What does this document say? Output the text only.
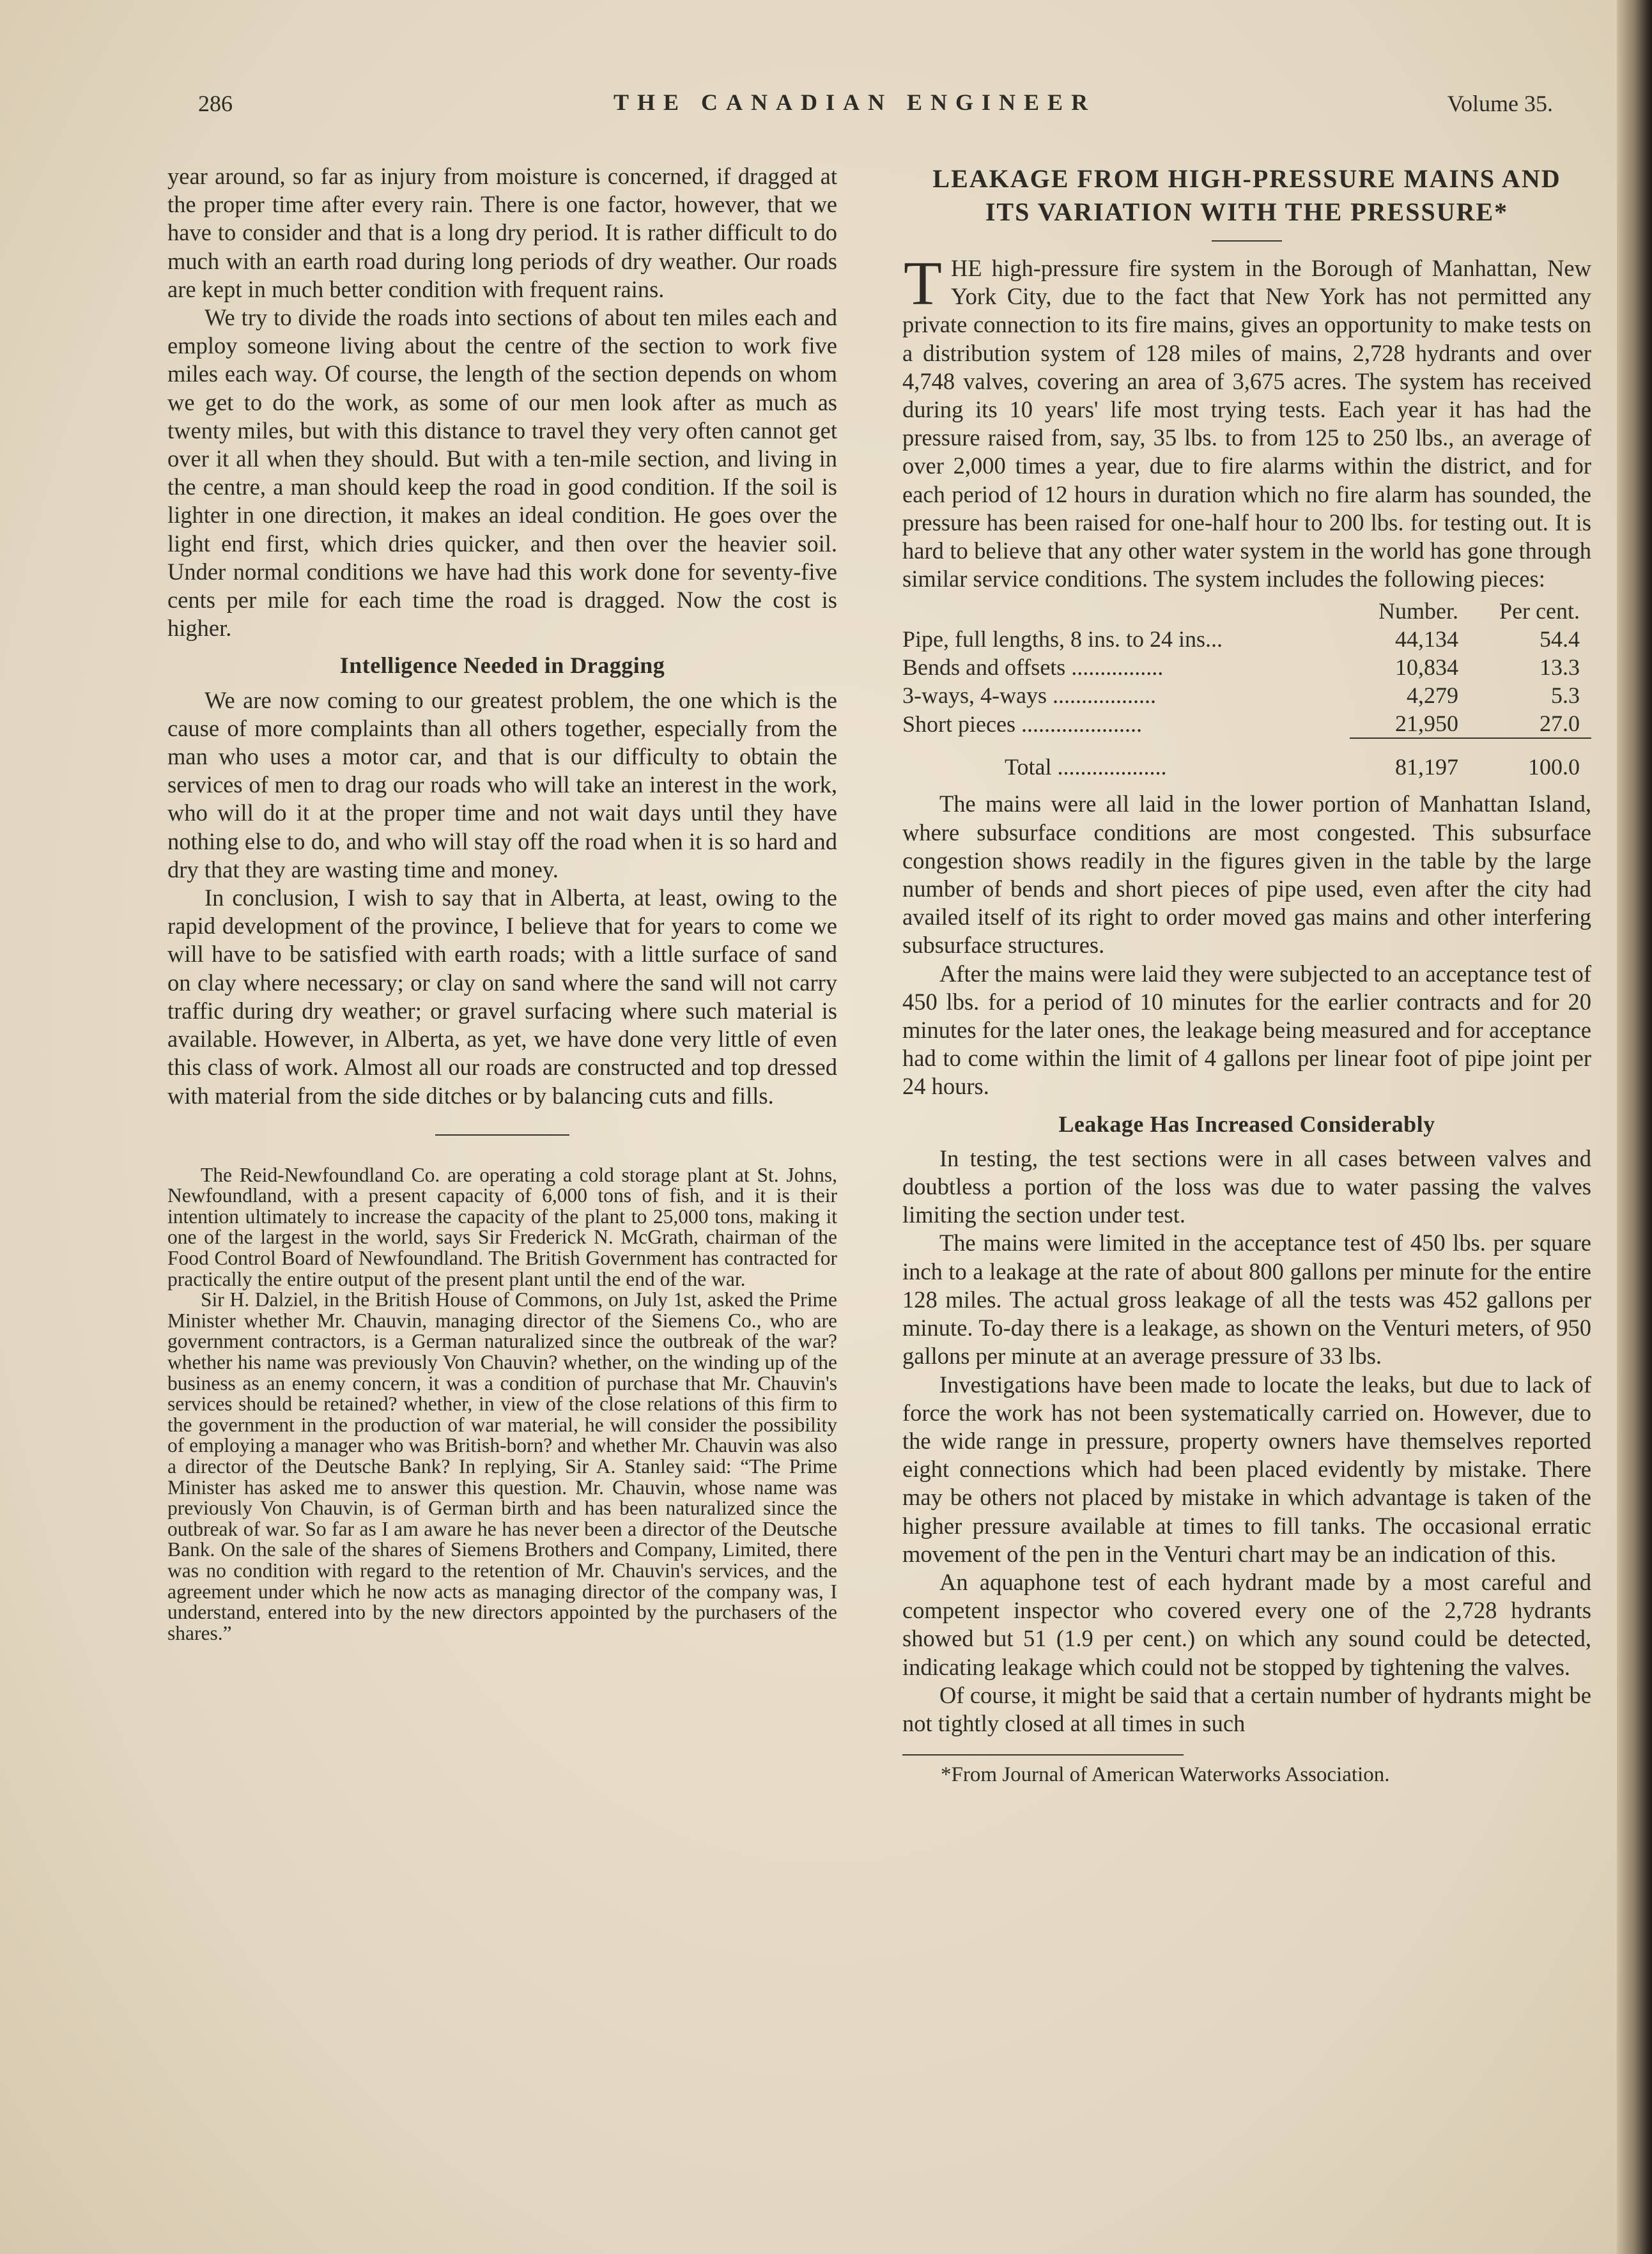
286	THE CANADIAN ENGINEER	Volume 35.

year around, so far as injury from moisture is concerned, if dragged at the proper time after every rain. There is one factor, however, that we have to consider and that is a long dry period. It is rather difficult to do much with an earth road during long periods of dry weather. Our roads are kept in much better condition with frequent rains.

We try to divide the roads into sections of about ten miles each and employ someone living about the centre of the section to work five miles each way. Of course, the length of the section depends on whom we get to do the work, as some of our men look after as much as twenty miles, but with this distance to travel they very often cannot get over it all when they should. But with a ten-mile section, and living in the centre, a man should keep the road in good condition. If the soil is lighter in one direction, it makes an ideal condition. He goes over the light end first, which dries quicker, and then over the heavier soil. Under normal conditions we have had this work done for seventy-five cents per mile for each time the road is dragged. Now the cost is higher.

Intelligence Needed in Dragging

We are now coming to our greatest problem, the one which is the cause of more complaints than all others together, especially from the man who uses a motor car, and that is our difficulty to obtain the services of men to drag our roads who will take an interest in the work, who will do it at the proper time and not wait days until they have nothing else to do, and who will stay off the road when it is so hard and dry that they are wasting time and money.

In conclusion, I wish to say that in Alberta, at least, owing to the rapid development of the province, I believe that for years to come we will have to be satisfied with earth roads; with a little surface of sand on clay where necessary; or clay on sand where the sand will not carry traffic during dry weather; or gravel surfacing where such material is available. However, in Alberta, as yet, we have done very little of even this class of work. Almost all our roads are constructed and top dressed with material from the side ditches or by balancing cuts and fills.

The Reid-Newfoundland Co. are operating a cold storage plant at St. Johns, Newfoundland, with a present capacity of 6,000 tons of fish, and it is their intention ultimately to increase the capacity of the plant to 25,000 tons, making it one of the largest in the world, says Sir Frederick N. McGrath, chairman of the Food Control Board of Newfoundland. The British Government has contracted for practically the entire output of the present plant until the end of the war.

Sir H. Dalziel, in the British House of Commons, on July 1st, asked the Prime Minister whether Mr. Chauvin, managing director of the Siemens Co., who are government contractors, is a German naturalized since the outbreak of the war? whether his name was previously Von Chauvin? whether, on the winding up of the business as an enemy concern, it was a condition of purchase that Mr. Chauvin's services should be retained? whether, in view of the close relations of this firm to the government in the production of war material, he will consider the possibility of employing a manager who was British-born? and whether Mr. Chauvin was also a director of the Deutsche Bank? In replying, Sir A. Stanley said: “The Prime Minister has asked me to answer this question. Mr. Chauvin, whose name was previously Von Chauvin, is of German birth and has been naturalized since the outbreak of war. So far as I am aware he has never been a director of the Deutsche Bank. On the sale of the shares of Siemens Brothers and Company, Limited, there was no condition with regard to the retention of Mr. Chauvin's services, and the agreement under which he now acts as managing director of the company was, I understand, entered into by the new directors appointed by the purchasers of the shares.”

LEAKAGE FROM HIGH-PRESSURE MAINS AND
ITS VARIATION WITH THE PRESSURE*
T HE high-pressure fire system in the Borough of Manhattan, New York City, due to the fact that New York has not permitted any private connection to its fire mains, gives an opportunity to make tests on a distribution system of 128 miles of mains, 2,728 hydrants and over 4,748 valves, covering an area of 3,675 acres. The system has received during its 10 years' life most trying tests. Each year it has had the pressure raised from, say, 35 lbs. to from 125 to 250 lbs., an average of over 2,000 times a year, due to fire alarms within the district, and for each period of 12 hours in duration which no fire alarm has sounded, the pressure has been raised for one-half hour to 200 lbs. for testing out. It is hard to believe that any other water system in the world has gone through similar service conditions. The system includes the following pieces:
	Number.	Per cent.
Pipe, full lengths, 8 ins. to 24 ins...	44,134	54.4
Bends and offsets ................	10,834	13.3
3-ways, 4-ways ..................	4,279	5.3
Short pieces .....................	21,950	27.0
Total ...................	81,197	100.0

The mains were all laid in the lower portion of Manhattan Island, where subsurface conditions are most congested. This subsurface congestion shows readily in the figures given in the table by the large number of bends and short pieces of pipe used, even after the city had availed itself of its right to order moved gas mains and other interfering subsurface structures.

After the mains were laid they were subjected to an acceptance test of 450 lbs. for a period of 10 minutes for the earlier contracts and for 20 minutes for the later ones, the leakage being measured and for acceptance had to come within the limit of 4 gallons per linear foot of pipe joint per 24 hours.

Leakage Has Increased Considerably

In testing, the test sections were in all cases between valves and doubtless a portion of the loss was due to water passing the valves limiting the section under test.

The mains were limited in the acceptance test of 450 lbs. per square inch to a leakage at the rate of about 800 gallons per minute for the entire 128 miles. The actual gross leakage of all the tests was 452 gallons per minute. To-day there is a leakage, as shown on the Venturi meters, of 950 gallons per minute at an average pressure of 33 lbs.

Investigations have been made to locate the leaks, but due to lack of force the work has not been systematically carried on. However, due to the wide range in pressure, property owners have themselves reported eight connections which had been placed evidently by mistake. There may be others not placed by mistake in which advantage is taken of the higher pressure available at times to fill tanks. The occasional erratic movement of the pen in the Venturi chart may be an indication of this.

An aquaphone test of each hydrant made by a most careful and competent inspector who covered every one of the 2,728 hydrants showed but 51 (1.9 per cent.) on which any sound could be detected, indicating leakage which could not be stopped by tightening the valves.

Of course, it might be said that a certain number of hydrants might be not tightly closed at all times in such

*From Journal of American Waterworks Association.
